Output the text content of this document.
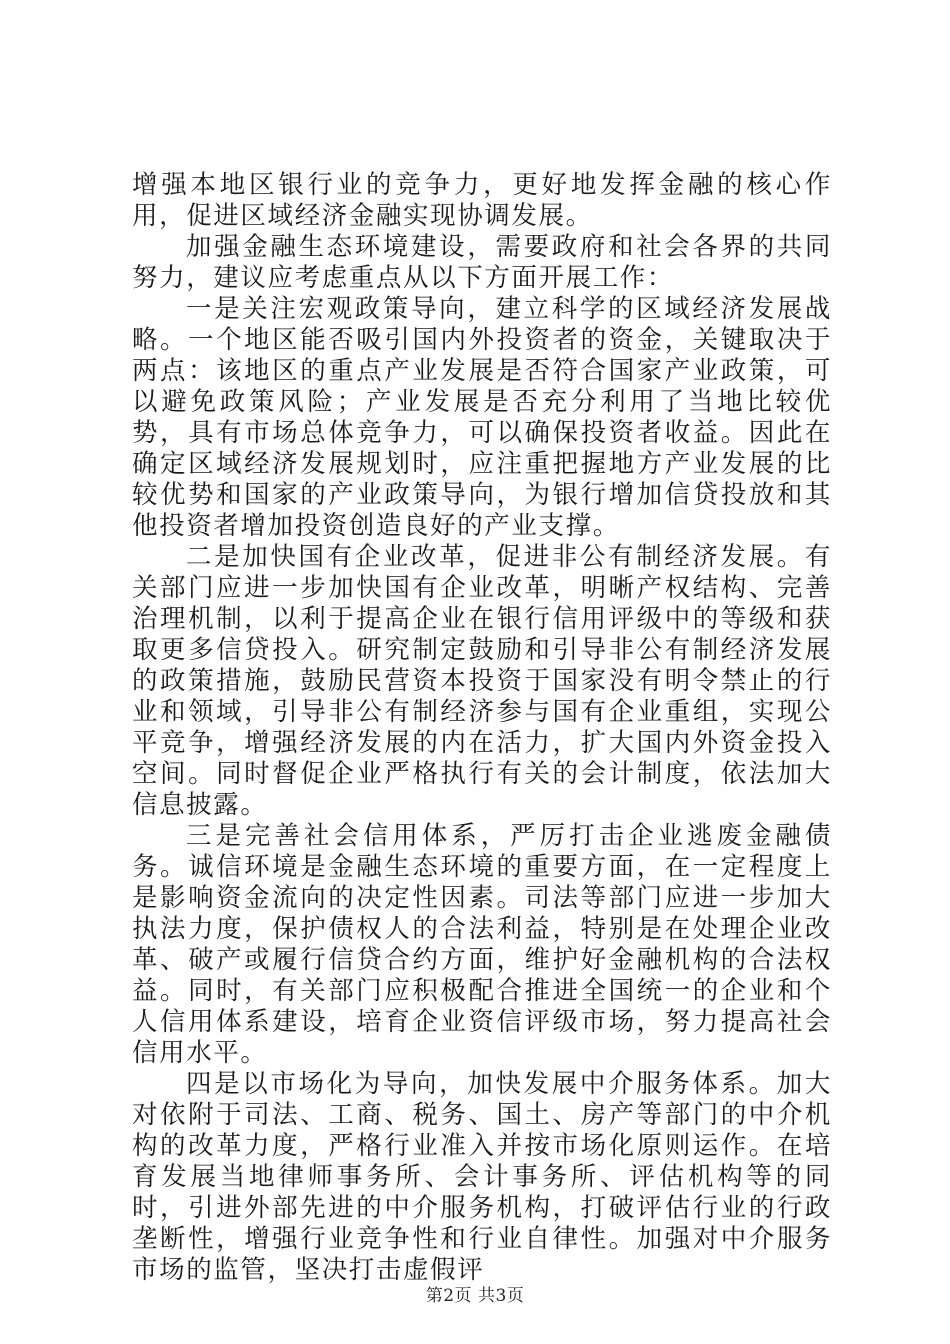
增强本地区银行业的竞争力，更好地发挥金融的核心作用，促进区域经济金融实现协调发展。

加强金融生态环境建设，需要政府和社会各界的共同努力，建议应考虑重点从以下方面开展工作：

一是关注宏观政策导向，建立科学的区域经济发展战略。一个地区能否吸引国内外投资者的资金，关键取决于两点：该地区的重点产业发展是否符合国家产业政策，可以避免政策风险；产业发展是否充分利用了当地比较优势，具有市场总体竞争力，可以确保投资者收益。因此在确定区域经济发展规划时，应注重把握地方产业发展的比较优势和国家的产业政策导向，为银行增加信贷投放和其他投资者增加投资创造良好的产业支撑。

二是加快国有企业改革，促进非公有制经济发展。有关部门应进一步加快国有企业改革，明晰产权结构、完善治理机制，以利于提高企业在银行信用评级中的等级和获取更多信贷投入。研究制定鼓励和引导非公有制经济发展的政策措施，鼓励民营资本投资于国家没有明令禁止的行业和领域，引导非公有制经济参与国有企业重组，实现公平竞争，增强经济发展的内在活力，扩大国内外资金投入空间。同时督促企业严格执行有关的会计制度，依法加大信息披露。

三是完善社会信用体系，严厉打击企业逃废金融债务。诚信环境是金融生态环境的重要方面，在一定程度上是影响资金流向的决定性因素。司法等部门应进一步加大执法力度，保护债权人的合法利益，特别是在处理企业改革、破产或履行信贷合约方面，维护好金融机构的合法权益。同时，有关部门应积极配合推进全国统一的企业和个人信用体系建设，培育企业资信评级市场，努力提高社会信用水平。

四是以市场化为导向，加快发展中介服务体系。加大对依附于司法、工商、税务、国土、房产等部门的中介机构的改革力度，严格行业准入并按市场化原则运作。在培育发展当地律师事务所、会计事务所、评估机构等的同时，引进外部先进的中介服务机构，打破评估行业的行政垄断性，增强行业竞争性和行业自律性。加强对中介服务市场的监管，坚决打击虚假评

第2页 共3页
